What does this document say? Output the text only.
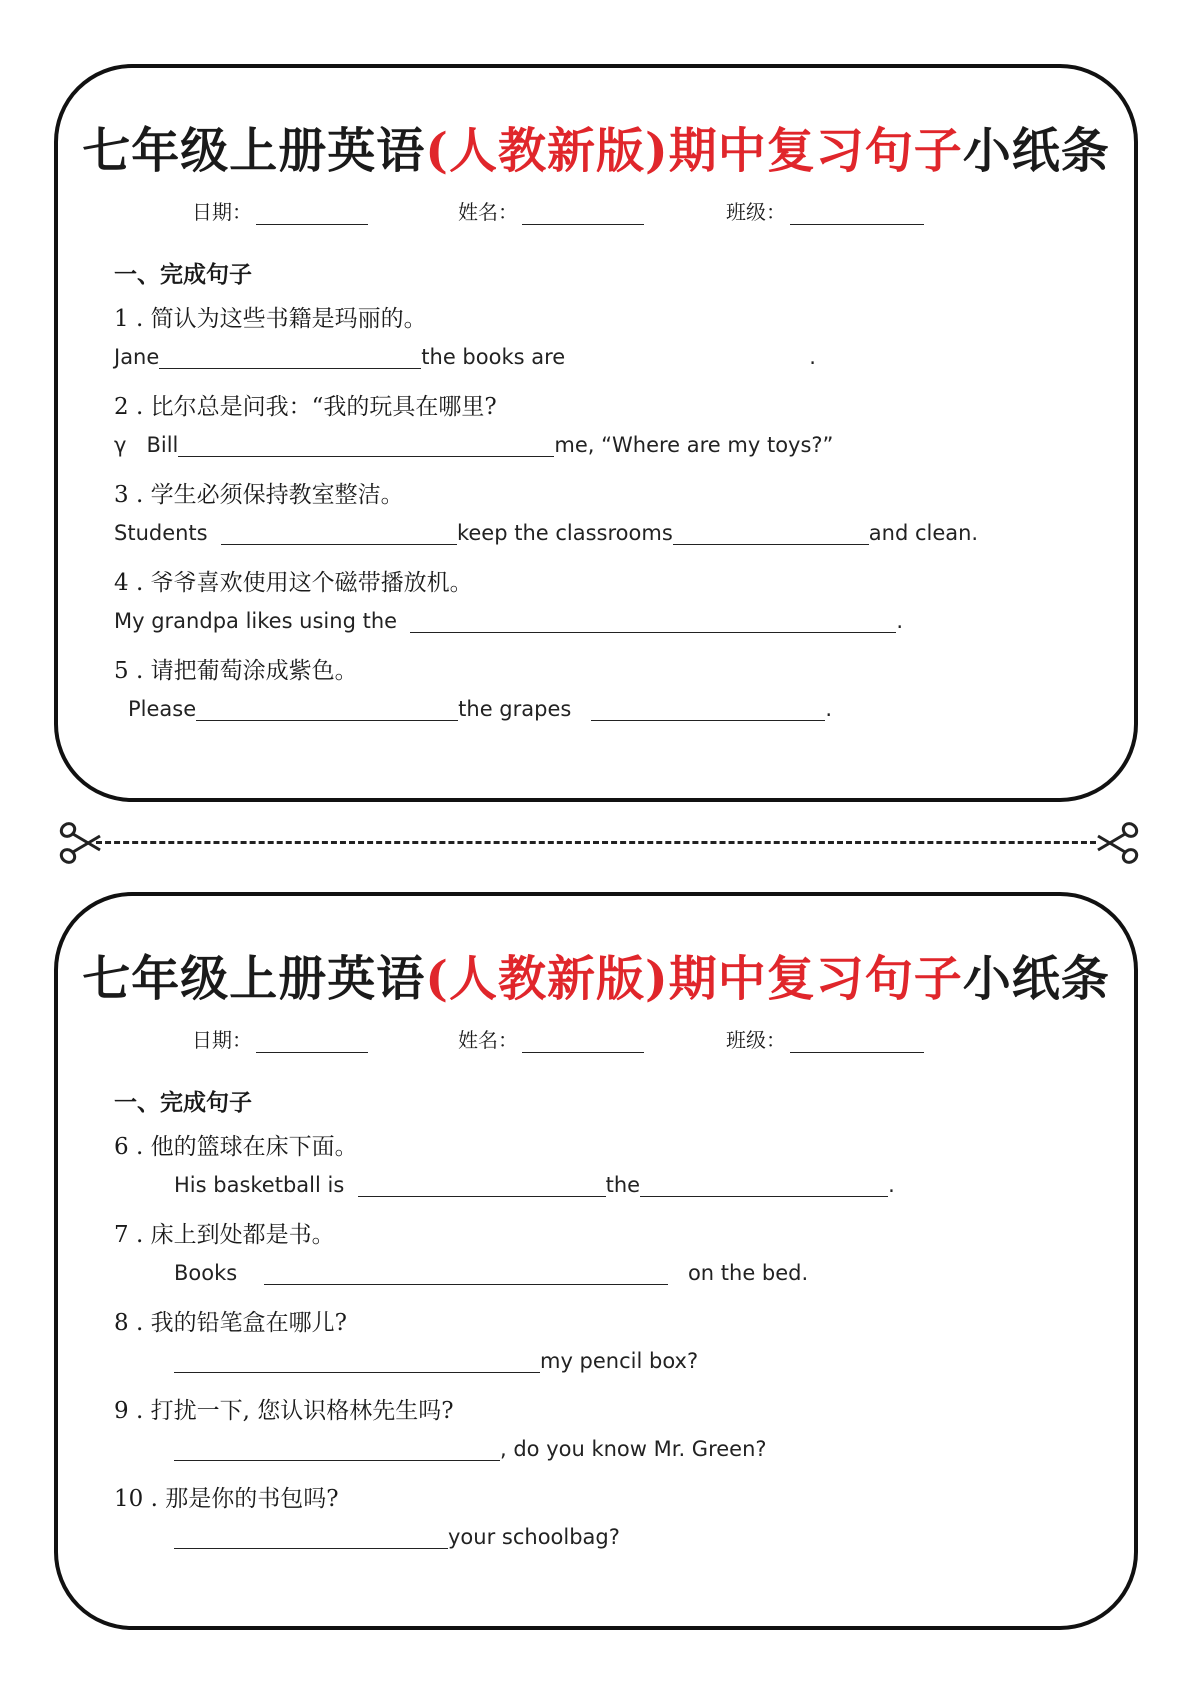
七年级上册英语(人教新版)期中复习句子小纸条
日期：	姓名：	班级：
一、完成句子
1 . 简认为这些书籍是玛丽的。
Jane	the books are	.
2 . 比尔总是问我：“我的玩具在哪里?
γ Bill	me, “Where are my toys?”
3 . 学生必须保持教室整洁。
Students	keep the classrooms	and clean.
4 . 爷爷喜欢使用这个磁带播放机。
My grandpa likes using the	.
5 . 请把葡萄涂成紫色。
Please	the grapes	.
七年级上册英语(人教新版)期中复习句子小纸条
日期：	姓名：	班级：
一、完成句子
6 . 他的篮球在床下面。
His basketball is	the	.
7 . 床上到处都是书。
Books	on the bed.
8 . 我的铅笔盒在哪儿?
my pencil box?
9 . 打扰一下, 您认识格林先生吗?
, do you know Mr. Green?
10 . 那是你的书包吗?
your schoolbag?
